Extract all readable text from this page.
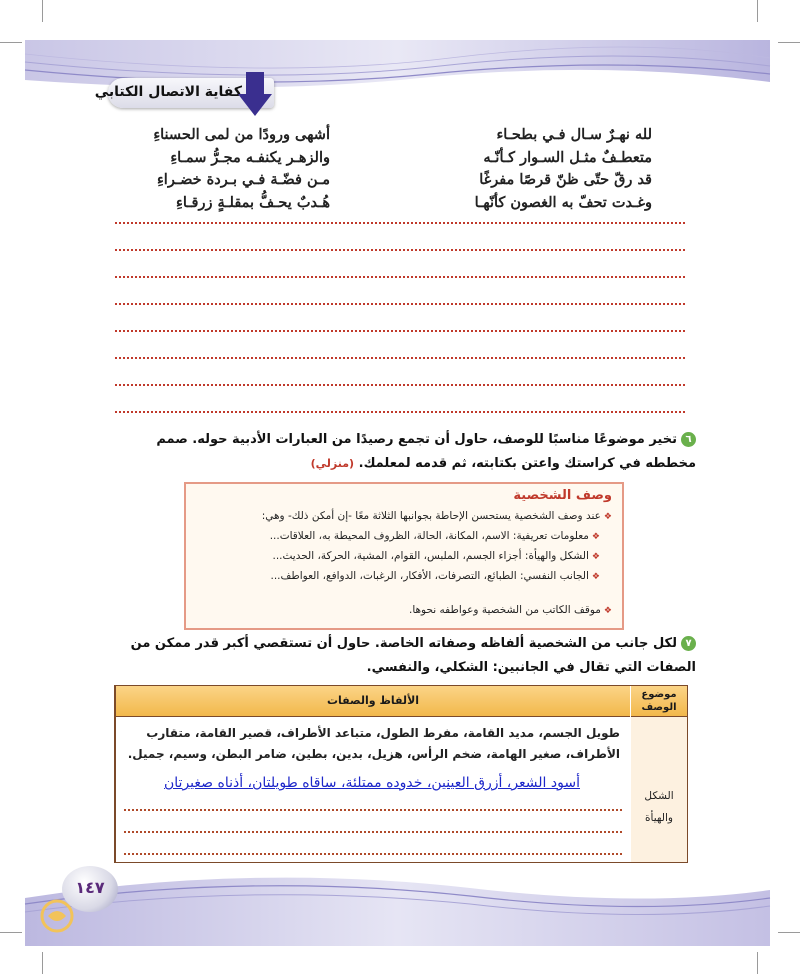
كفاية الاتصال الكتابي
لله نهـرٌ سـال فـي بطحـاء
متعطـفٌ مثـل السـوار كـأنّـه
قد رقّ حتّى ظنّ قرصًا مفرغًا
وغـدت تحفّ به الغصون كأنّهـا
أشهى ورودًا من لمى الحسناءِ
والزهـر يكنفـه مجـرُّ سمـاءِ
مـن فضّـة فـي بـردة خضـراءِ
هُـدبٌ يحـفُّ بمقلـةٍ زرقـاءِ
٦تخير موضوعًا مناسبًا للوصف، حاول أن تجمع رصيدًا من العبارات الأدبية حوله. صمم مخططه في كراستك واعتن بكتابته، ثم قدمه لمعلمك. (منزلي)
وصف الشخصية
❖عند وصف الشخصية يستحسن الإحاطة بجوانبها الثلاثة معًا -إن أمكن ذلك- وهي:
❖معلومات تعريفية: الاسم، المكانة، الحالة، الظروف المحيطة به، العلاقات...
❖الشكل والهيأة: أجزاء الجسم، الملبس، القوام، المشية، الحركة، الحديث...
❖الجانب النفسي: الطبائع، التصرفات، الأفكار، الرغبات، الدوافع، العواطف...
❖موقف الكاتب من الشخصية وعواطفه نحوها.
٧لكل جانب من الشخصية ألفاظه وصفاته الخاصة. حاول أن تستقصي أكبر قدر ممكن من الصفات التي تقال في الجانبين: الشكلي، والنفسي.
الألفاظ والصفات	موضوع الوصف
الشكل والهيأة
طويل الجسم، مديد القامة، مفرط الطول، متباعد الأطراف، قصير القامة، متقارب الأطراف، صغير الهامة، ضخم الرأس، هزيل، بدين، بطين، ضامر البطن، وسيم، جميل.
أسود الشعر، أزرق العينين، خدوده ممتلئة، ساقاه طويلتان، أذناه صغيرتان
١٤٧
